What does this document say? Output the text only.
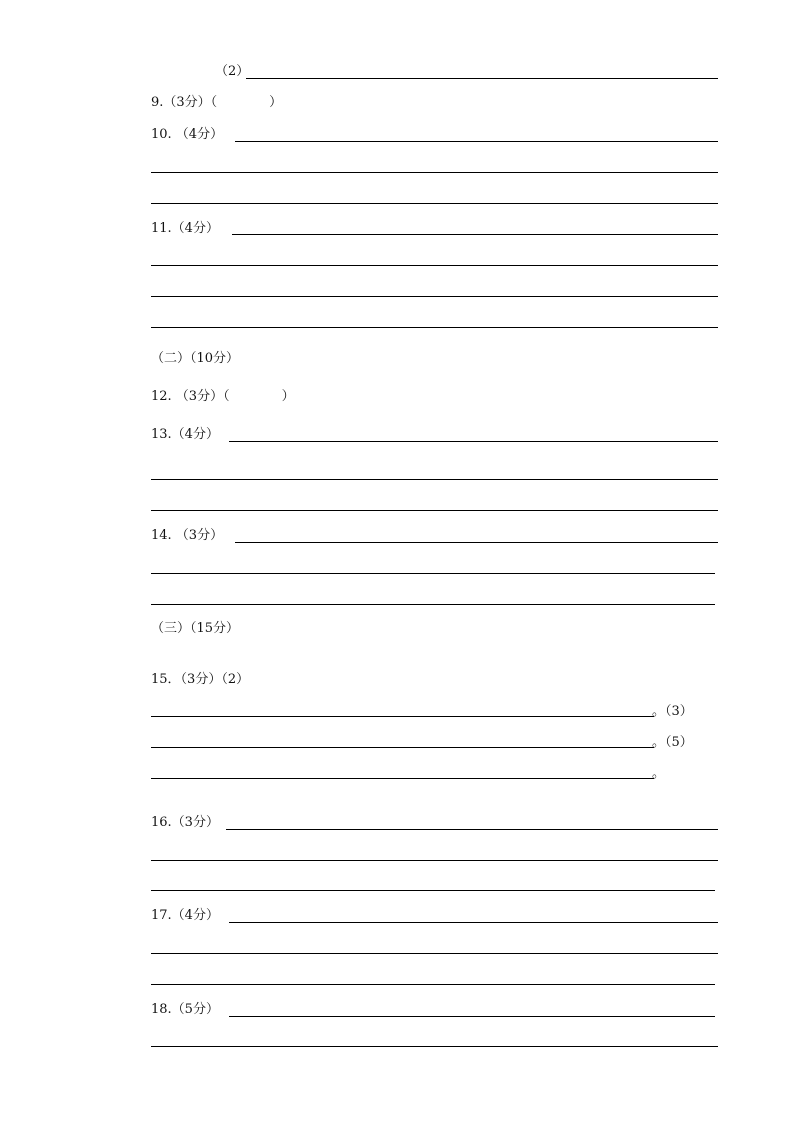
（2）
9.（3分）（　　　　）
10. （4分）
11.（4分）
（二）（10分）
12. （3分）（　　　　）
13.（4分）
14. （3分）
（三）（15分）
15．（3分）（2）
。（3）
。（5）
。
16.（3分）
17.（4分）
18.（5分）
